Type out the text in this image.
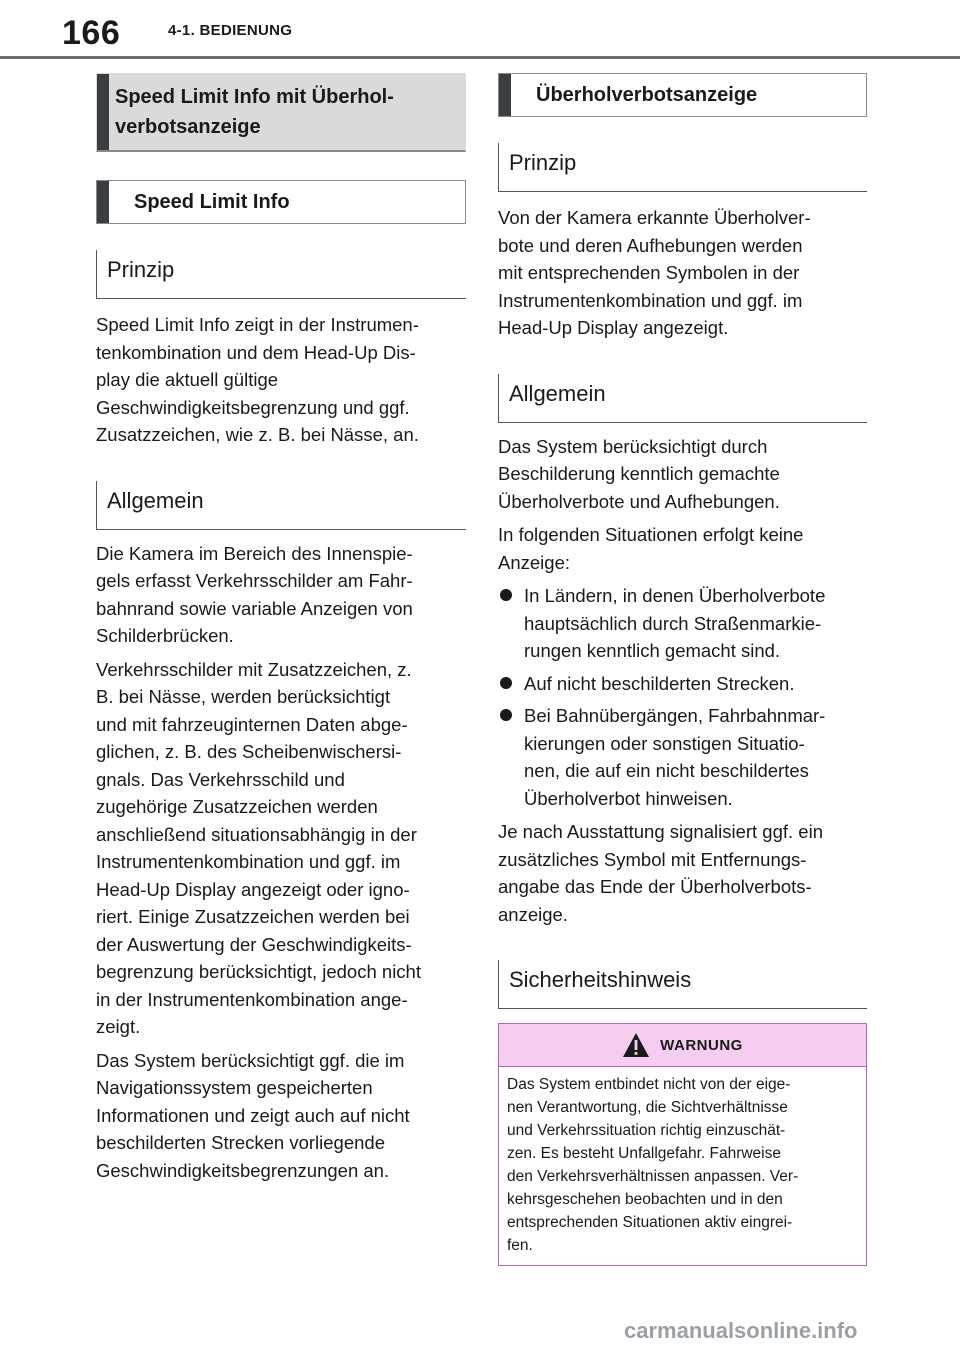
166	4-1. BEDIENUNG
Speed Limit Info mit Überhol-
verbotsanzeige
Speed Limit Info
Prinzip

Speed Limit Info zeigt in der Instrumen-
tenkombination und dem Head-Up Dis-
play die aktuell gültige
Geschwindigkeitsbegrenzung und ggf.
Zusatzzeichen, wie z. B. bei Nässe, an.

Allgemein

Die Kamera im Bereich des Innenspie-
gels erfasst Verkehrsschilder am Fahr-
bahnrand sowie variable Anzeigen von
Schilderbrücken.

Verkehrsschilder mit Zusatzzeichen, z.
B. bei Nässe, werden berücksichtigt
und mit fahrzeuginternen Daten abge-
glichen, z. B. des Scheibenwischersi-
gnals. Das Verkehrsschild und
zugehörige Zusatzzeichen werden
anschließend situationsabhängig in der
Instrumentenkombination und ggf. im
Head-Up Display angezeigt oder igno-
riert. Einige Zusatzzeichen werden bei
der Auswertung der Geschwindigkeits-
begrenzung berücksichtigt, jedoch nicht
in der Instrumentenkombination ange-
zeigt.

Das System berücksichtigt ggf. die im
Navigationssystem gespeicherten
Informationen und zeigt auch auf nicht
beschilderten Strecken vorliegende
Geschwindigkeitsbegrenzungen an.

Überholverbotsanzeige
Prinzip

Von der Kamera erkannte Überholver-
bote und deren Aufhebungen werden
mit entsprechenden Symbolen in der
Instrumentenkombination und ggf. im
Head-Up Display angezeigt.

Allgemein

Das System berücksichtigt durch
Beschilderung kenntlich gemachte
Überholverbote und Aufhebungen.

In folgenden Situationen erfolgt keine
Anzeige:

In Ländern, in denen Überholverbote
hauptsächlich durch Straßenmarkie-
rungen kenntlich gemacht sind.
Auf nicht beschilderten Strecken.
Bei Bahnübergängen, Fahrbahnmar-
kierungen oder sonstigen Situatio-
nen, die auf ein nicht beschildertes
Überholverbot hinweisen.

Je nach Ausstattung signalisiert ggf. ein
zusätzliches Symbol mit Entfernungs-
angabe das Ende der Überholverbots-
anzeige.

Sicherheitshinweis
WARNUNG
Das System entbindet nicht von der eige-
nen Verantwortung, die Sichtverhältnisse
und Verkehrssituation richtig einzuschät-
zen. Es besteht Unfallgefahr. Fahrweise
den Verkehrsverhältnissen anpassen. Ver-
kehrsgeschehen beobachten und in den
entsprechenden Situationen aktiv eingrei-
fen.
carmanualsonline.info
